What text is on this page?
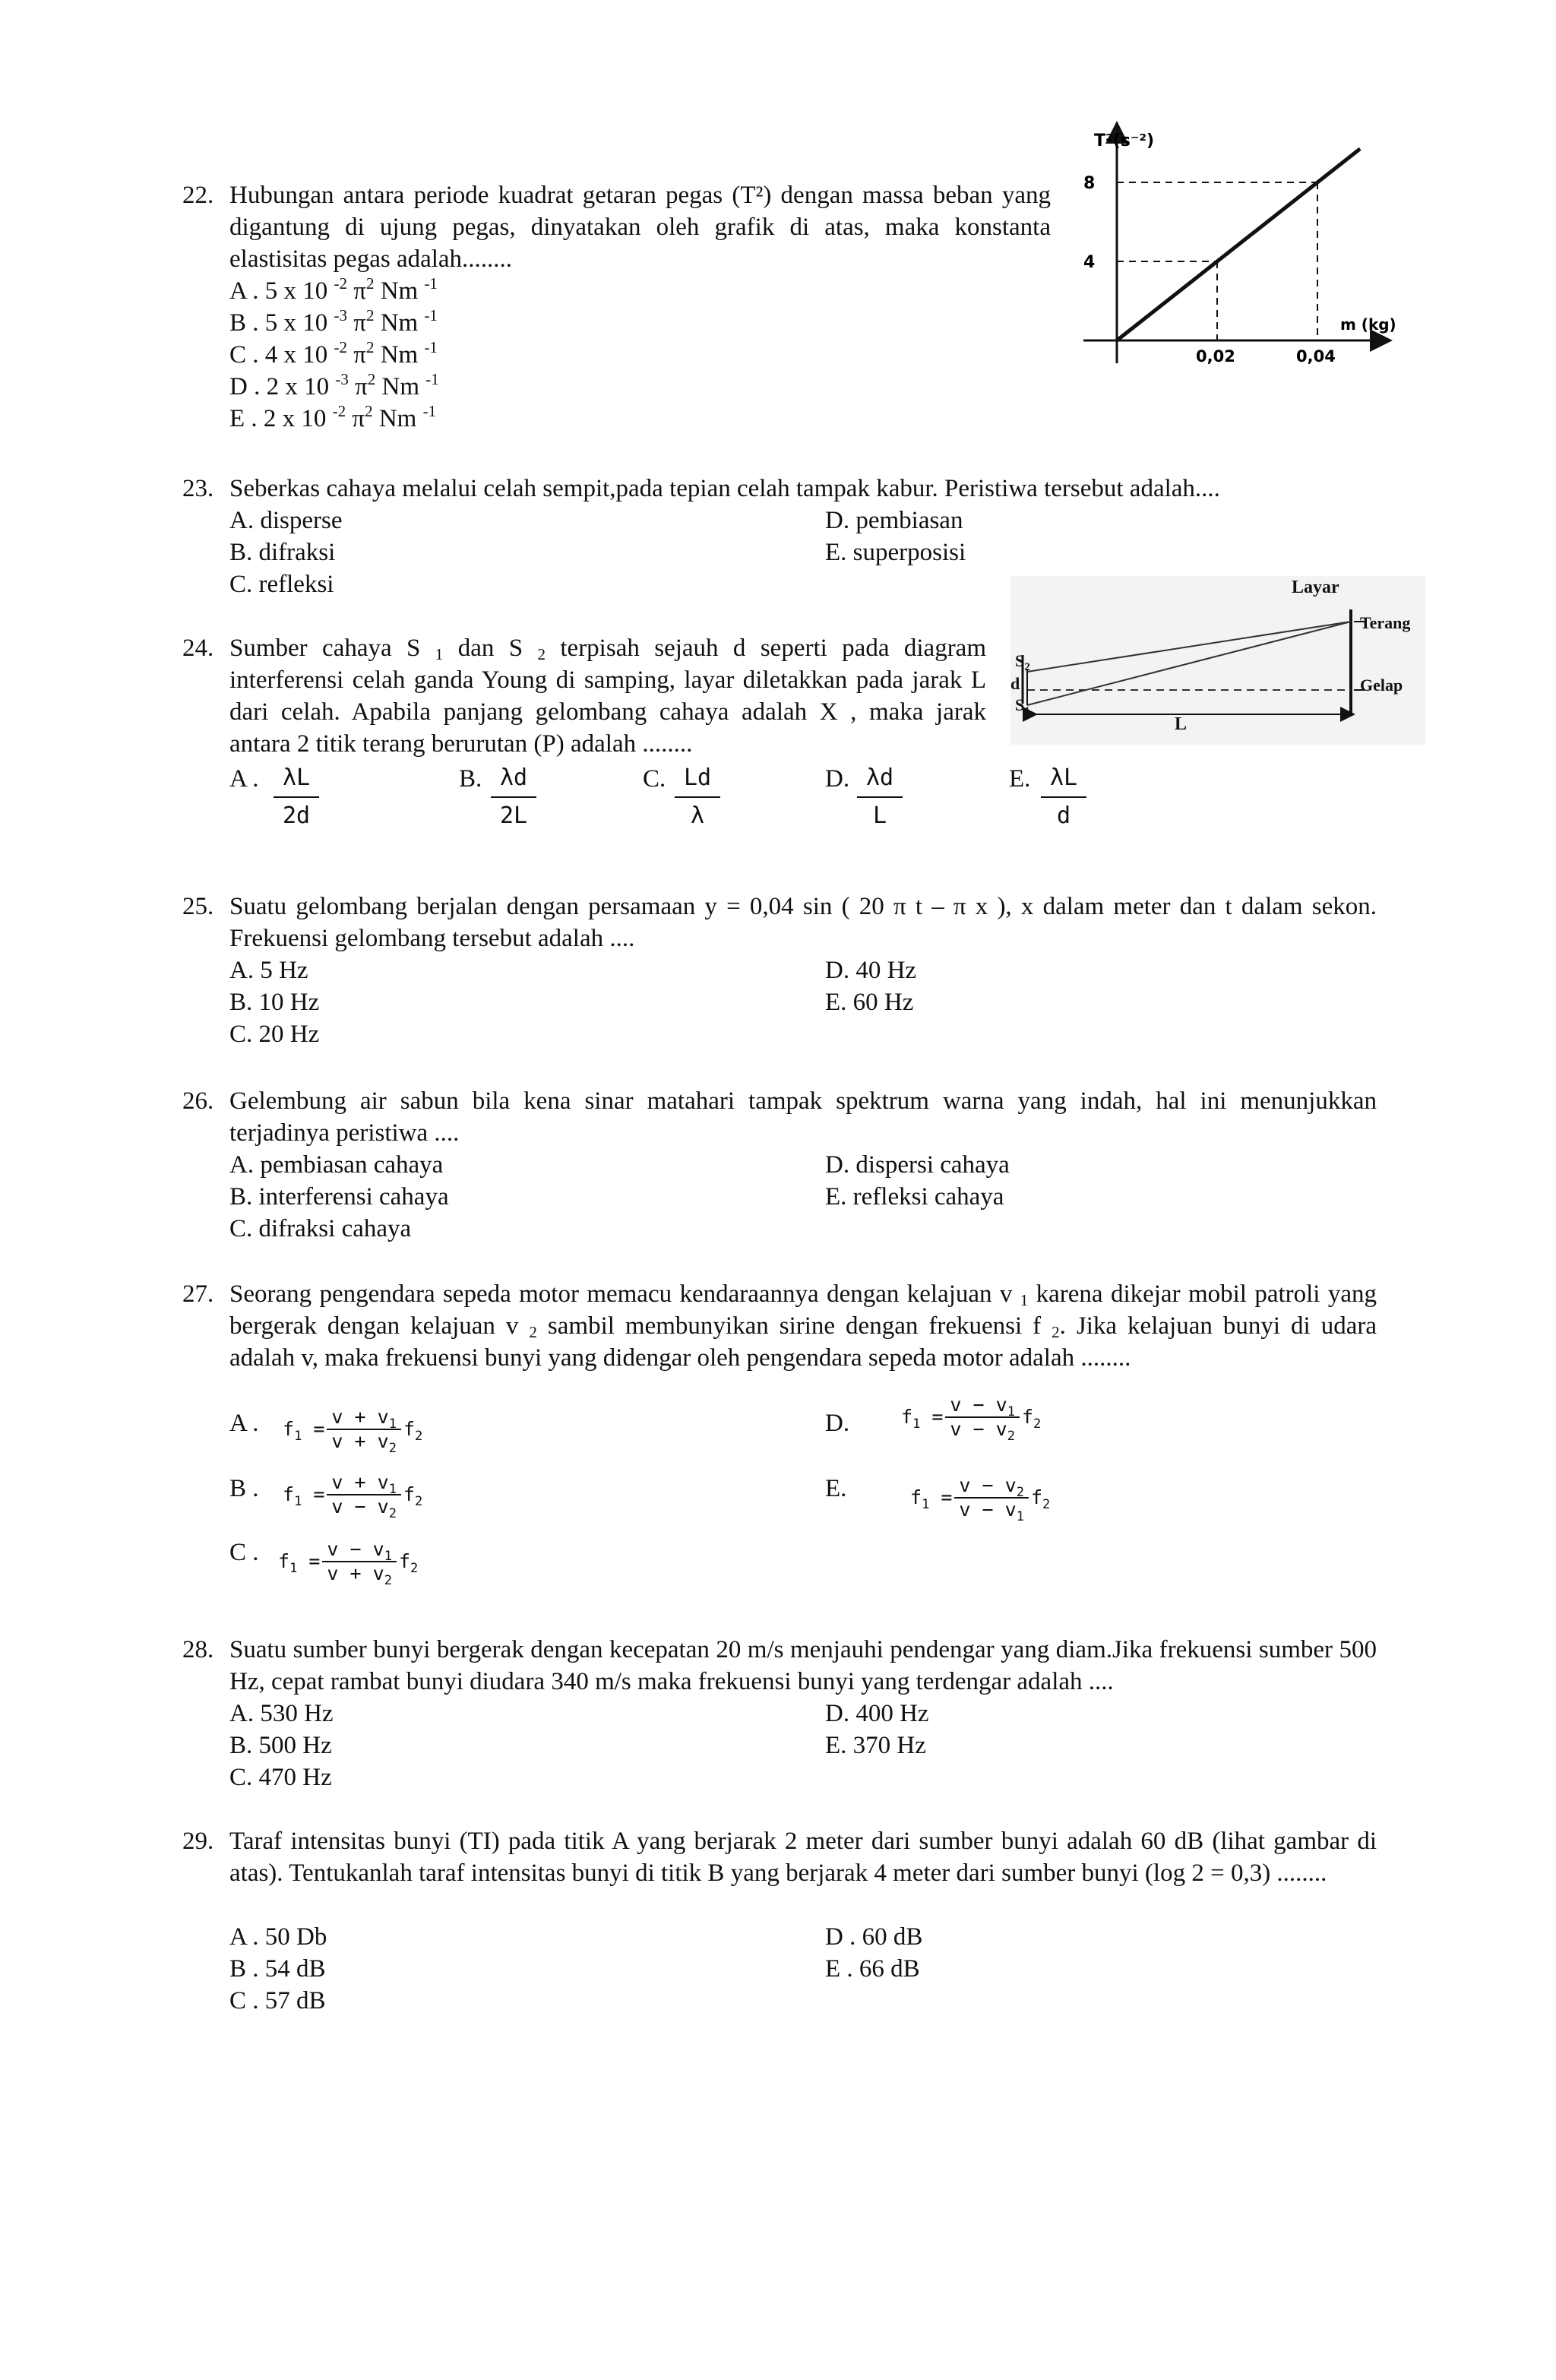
22. Hubungan antara periode kuadrat getaran pegas (T²) dengan massa beban yang digantung di ujung pegas, dinyatakan oleh grafik di atas, maka konstanta elastisitas pegas adalah........
A . 5 x 10 $^{-2}$ $\pi^2$ Nm $^{-1}$
B . 5 x 10 $^{-3}$ $\pi^2$ Nm $^{-1}$
C . 4 x 10 $^{-2}$ $\pi^2$ Nm $^{-1}$
D . 2 x 10 $^{-3}$ $\pi^2$ Nm $^{-1}$
E . 2 x 10 $^{-2}$ $\pi^2$ Nm $^{-1}$
T²(s⁻²)
m (kg)
4
0,02
8
0,04
23. Seberkas cahaya melalui celah sempit,pada tepian celah tampak kabur. Peristiwa tersebut adalah....
A. disperse
B. difraksi
C. refleksi
D. pembiasan
E. superposisi
24. Sumber cahaya S $_1$ dan S $_2$ terpisah sejauh d seperti pada diagram interferensi celah ganda Young di samping, layar diletakkan pada jarak L dari celah. Apabila panjang gelombang cahaya adalah X , maka jarak antara 2 titik terang berurutan (P) adalah ........
Layar
Terang
Gelap
$S_2$
d
$S_1$
L
A .	λL
2d
B. λd
2L
C. Ld
λ
D. λd
L
E. λL
d
25. Suatu gelombang berjalan dengan persamaan y = 0,04 sin ( 20 π t – π x ), x dalam meter dan t dalam sekon. Frekuensi gelombang tersebut adalah ....
A. 5 Hz
B. 10 Hz
C. 20 Hz
D. 40 Hz
E. 60 Hz
26. Gelembung air sabun bila kena sinar matahari tampak spektrum warna yang indah, hal ini menunjukkan terjadinya peristiwa ....
A. pembiasan cahaya
B. interferensi cahaya
C. difraksi cahaya
D. dispersi cahaya
E. refleksi cahaya
27. Seorang pengendara sepeda motor memacu kendaraannya dengan kelajuan v $_1$ karena dikejar mobil patroli yang bergerak dengan kelajuan v $_2$ sambil membunyikan sirine dengan frekuensi f $_2$. Jika kelajuan bunyi di udara adalah v, maka frekuensi bunyi yang didengar oleh pengendara sepeda motor adalah ........
A . $f_1 = \frac{v + v_1}{v + v_2} f_2$
B . $f_1 = \frac{v + v_1}{v - v_2} f_2$
C . $f_1 = \frac{v - v_1}{v + v_2} f_2$
D.	$f_1 = \frac{v - v_1}{v - v_2} f_2$
E.	$f_1 = \frac{v - v_2}{v - v_1} f_2$
28. Suatu sumber bunyi bergerak dengan kecepatan 20 m/s menjauhi pendengar yang diam.Jika frekuensi sumber 500 Hz, cepat rambat bunyi diudara 340 m/s maka frekuensi bunyi yang terdengar adalah ....
A. 530 Hz
B. 500 Hz
C. 470 Hz
D. 400 Hz
E. 370 Hz
29. Taraf intensitas bunyi (TI) pada titik A yang berjarak 2 meter dari sumber bunyi adalah 60 dB (lihat gambar di atas). Tentukanlah taraf intensitas bunyi di titik B yang berjarak 4 meter dari sumber bunyi (log 2 = 0,3) ........
A . 50 Db
B . 54 dB
C . 57 dB
D . 60 dB
E . 66 dB
